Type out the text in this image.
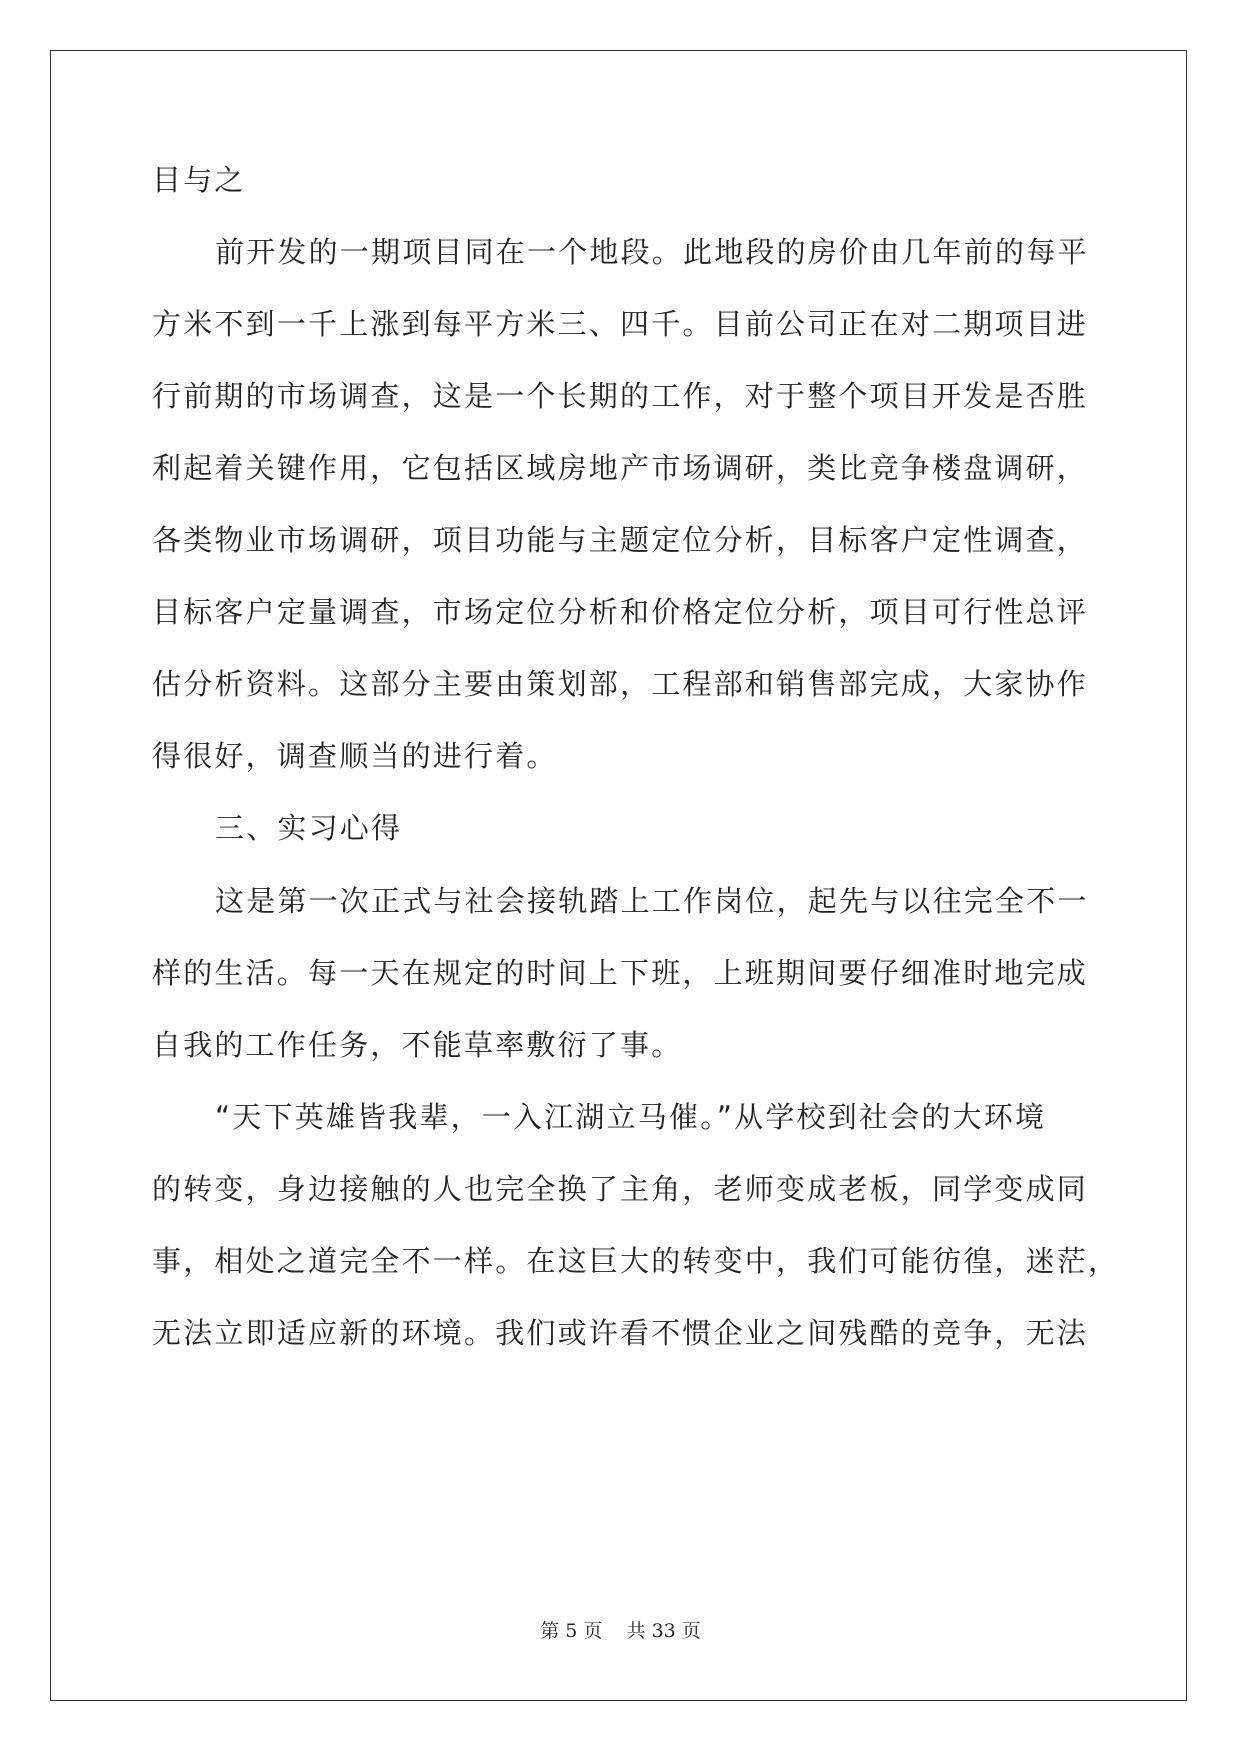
目与之
前开发的一期项目同在一个地段。此地段的房价由几年前的每平
方米不到一千上涨到每平方米三、四千。目前公司正在对二期项目进
行前期的市场调查，这是一个长期的工作，对于整个项目开发是否胜
利起着关键作用，它包括区域房地产市场调研，类比竞争楼盘调研，
各类物业市场调研，项目功能与主题定位分析，目标客户定性调查，
目标客户定量调查，市场定位分析和价格定位分析，项目可行性总评
估分析资料。这部分主要由策划部，工程部和销售部完成，大家协作
得很好，调查顺当的进行着。
三、实习心得
这是第一次正式与社会接轨踏上工作岗位，起先与以往完全不一
样的生活。每一天在规定的时间上下班，上班期间要仔细准时地完成
自我的工作任务，不能草率敷衍了事。
“天下英雄皆我辈，一入江湖立马催。”从学校到社会的大环境
的转变，身边接触的人也完全换了主角，老师变成老板，同学变成同
事，相处之道完全不一样。在这巨大的转变中，我们可能彷徨，迷茫，
无法立即适应新的环境。我们或许看不惯企业之间残酷的竞争，无法
第 5 页 共 33 页
